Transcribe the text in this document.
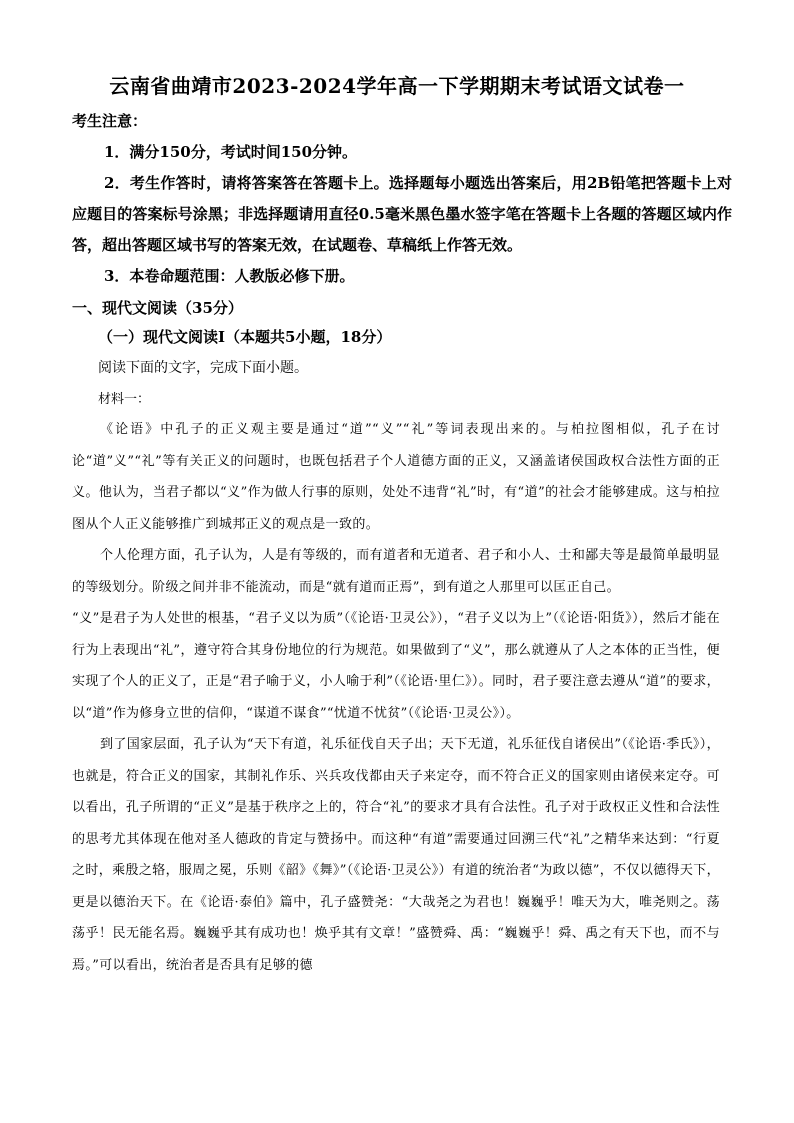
云南省曲靖市2023-2024学年高一下学期期末考试语文试卷一

考生注意：

1．满分150分，考试时间150分钟。

2．考生作答时，请将答案答在答题卡上。选择题每小题选出答案后，用2B铅笔把答题卡上对应题目的答案标号涂黑；非选择题请用直径0.5毫米黑色墨水签字笔在答题卡上各题的答题区域内作答，超出答题区域书写的答案无效，在试题卷、草稿纸上作答无效。

3．本卷命题范围：人教版必修下册。

一、现代文阅读（35分）
（一）现代文阅读Ⅰ（本题共5小题，18分）
阅读下面的文字，完成下面小题。
材料一：

《论语》中孔子的正义观主要是通过“道”“义”“礼”等词表现出来的。与柏拉图相似，孔子在讨论“道”义”“礼”等有关正义的问题时，也既包括君子个人道德方面的正义，又涵盖诸侯国政权合法性方面的正义。他认为，当君子都以“义”作为做人行事的原则，处处不违背“礼”时，有“道”的社会才能够建成。这与柏拉图从个人正义能够推广到城邦正义的观点是一致的。

个人伦理方面，孔子认为，人是有等级的，而有道者和无道者、君子和小人、士和鄙夫等是最简单最明显的等级划分。阶级之间并非不能流动，而是“就有道而正焉”，到有道之人那里可以匡正自己。

“义”是君子为人处世的根基，“君子义以为质”（《论语·卫灵公》），“君子义以为上”（《论语·阳货》），然后才能在行为上表现出“礼”，遵守符合其身份地位的行为规范。如果做到了“义”，那么就遵从了人之本体的正当性，便实现了个人的正义了，正是“君子喻于义，小人喻于利”（《论语·里仁》）。同时，君子要注意去遵从“道”的要求，以“道”作为修身立世的信仰，“谋道不谋食”“忧道不忧贫”（《论语·卫灵公》）。

到了国家层面，孔子认为“天下有道，礼乐征伐自天子出；天下无道，礼乐征伐自诸侯出”（《论语·季氏》），也就是，符合正义的国家，其制礼作乐、兴兵攻伐都由天子来定夺，而不符合正义的国家则由诸侯来定夺。可以看出，孔子所谓的“正义”是基于秩序之上的，符合“礼”的要求才具有合法性。孔子对于政权正义性和合法性的思考尤其体现在他对圣人德政的肯定与赞扬中。而这种“有道”需要通过回溯三代“礼”之精华来达到：“行夏之时，乘殷之辂，服周之冕，乐则《韶》《舞》”（《论语·卫灵公》）有道的统治者“为政以德”，不仅以德得天下，更是以德治天下。在《论语·泰伯》篇中，孔子盛赞尧：“大哉尧之为君也！巍巍乎！唯天为大，唯尧则之。荡荡乎！民无能名焉。巍巍乎其有成功也！焕乎其有文章！”盛赞舜、禹：“巍巍乎！舜、禹之有天下也，而不与焉。”可以看出，统治者是否具有足够的德
